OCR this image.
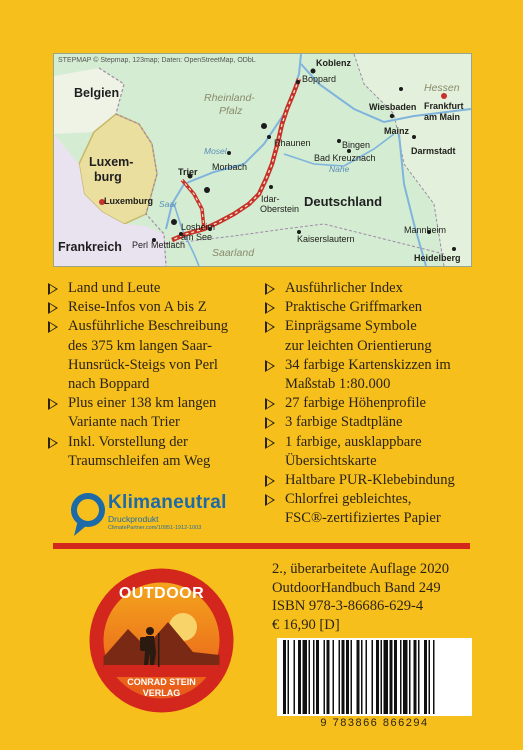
STEPMAP © Stepmap, 123map; Daten: OpenStreetMap, ODbL
Belgien
Luxem-
burg
Frankreich
Deutschland
Rheinland-
Pfalz
Hessen
Saarland
Mosel
Nahe
Saar
Koblenz
Boppard
Wiesbaden Frankfurt
am Main
Mainz
Darmstadt
Rhaunen	Bingen
Bad Kreuznach
Morbach
Trier
Idar-
Oberstein
Luxemburg
Losheim
am See
Mettlach
Perl
Kaiserslautern
Mannheim
Heidelberg
Land und Leute
Reise-Infos von A bis Z
Ausführliche Beschreibung
des 375 km langen Saar-
Hunsrück-Steigs von Perl
nach Boppard
Plus einer 138 km langen
Variante nach Trier
Inkl. Vorstellung der
Traumschleifen am Weg
Ausführlicher Index
Praktische Griffmarken
Einprägsame Symbole
zur leichten Orientierung
34 farbige Kartenskizzen im
Maßstab 1:80.000
27 farbige Höhenprofile
3 farbige Stadtpläne
1 farbige, ausklappbare
Übersichtskarte
Haltbare PUR-Klebebindung
Chlorfrei gebleichtes,
FSC®-zertifiziertes Papier
Klimaneutral
Druckprodukt
ClimatePartner.com/10951-1912-1003
OUTDOOR
CONRAD STEIN
VERLAG
2., überarbeitete Auflage 2020
OutdoorHandbuch Band 249
ISBN 978-3-86686-629-4
€ 16,90 [D]
9 783866 866294
